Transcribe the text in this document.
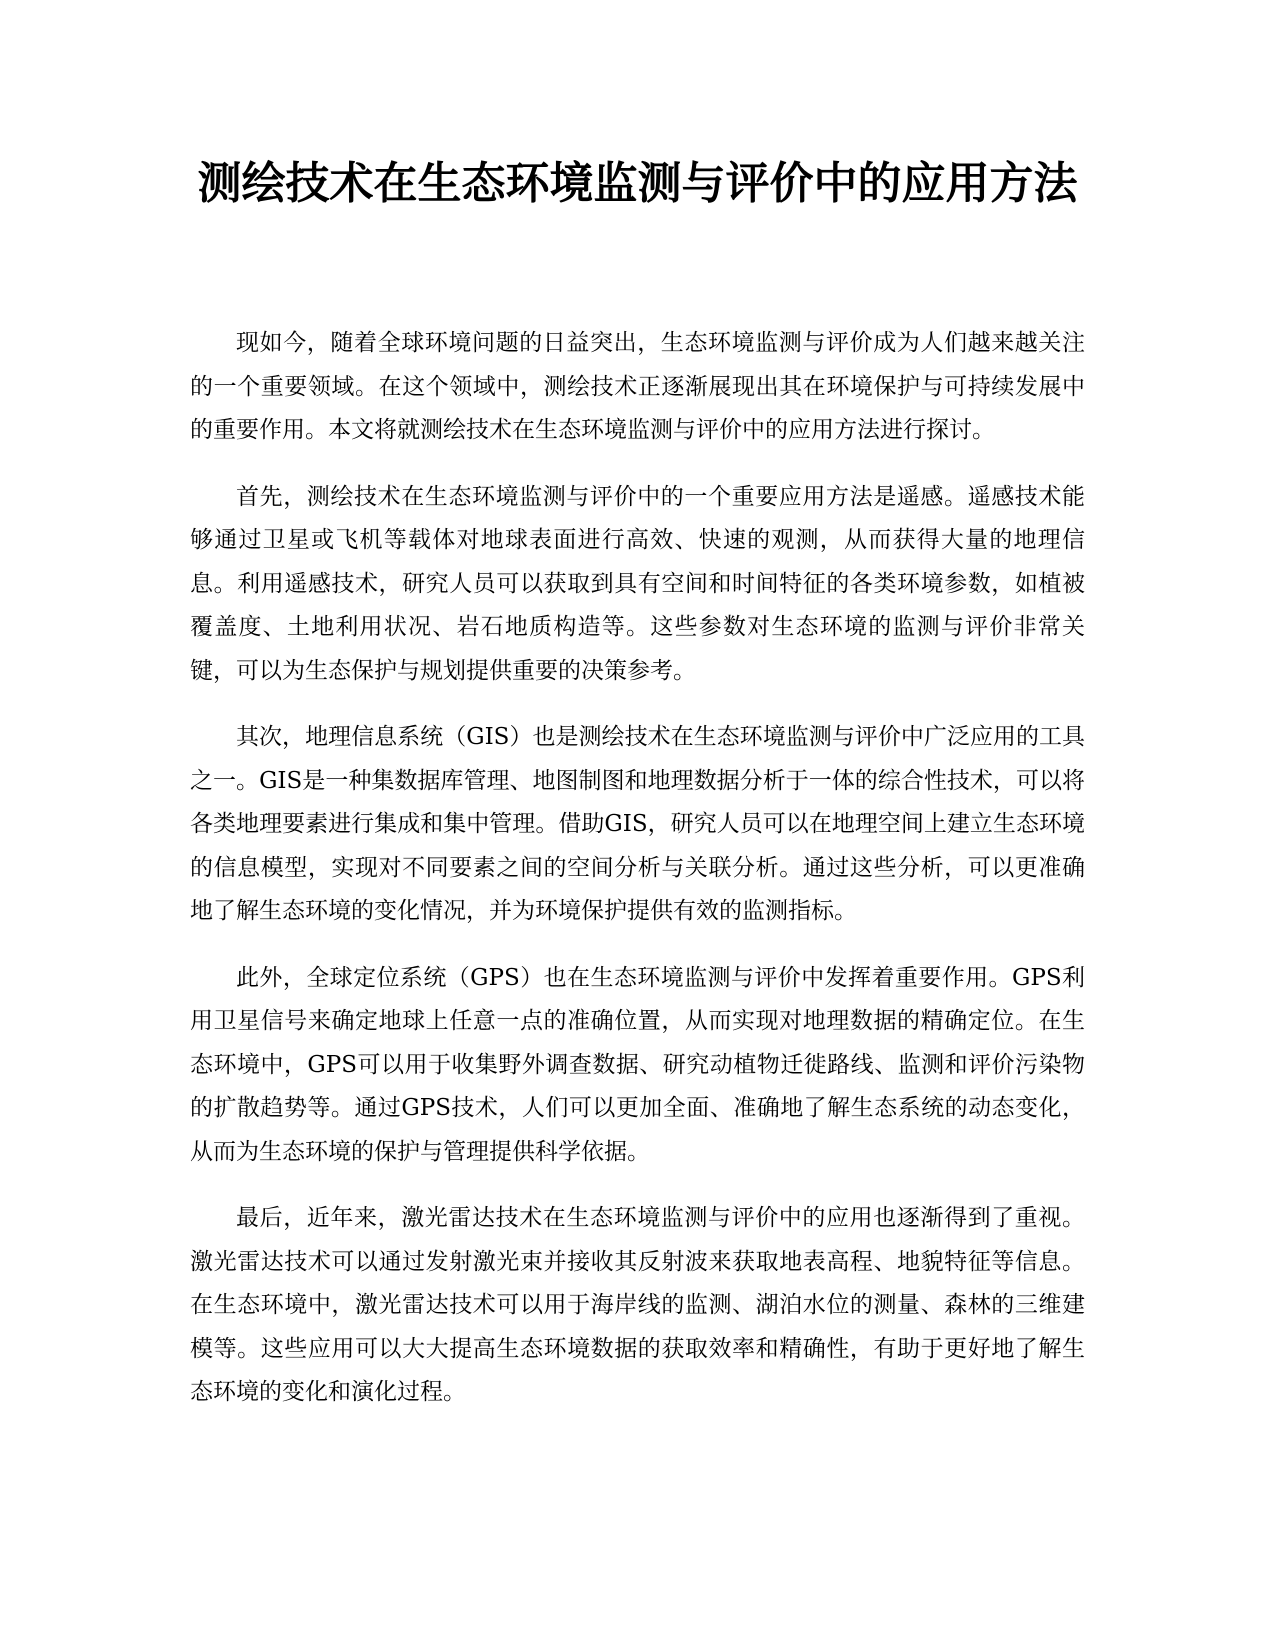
测绘技术在生态环境监测与评价中的应用方法

现如今，随着全球环境问题的日益突出，生态环境监测与评价成为人们越来越关注的一个重要领域。在这个领域中，测绘技术正逐渐展现出其在环境保护与可持续发展中的重要作用。本文将就测绘技术在生态环境监测与评价中的应用方法进行探讨。

首先，测绘技术在生态环境监测与评价中的一个重要应用方法是遥感。遥感技术能够通过卫星或飞机等载体对地球表面进行高效、快速的观测，从而获得大量的地理信息。利用遥感技术，研究人员可以获取到具有空间和时间特征的各类环境参数，如植被覆盖度、土地利用状况、岩石地质构造等。这些参数对生态环境的监测与评价非常关键，可以为生态保护与规划提供重要的决策参考。

其次，地理信息系统（GIS）也是测绘技术在生态环境监测与评价中广泛应用的工具之一。GIS是一种集数据库管理、地图制图和地理数据分析于一体的综合性技术，可以将各类地理要素进行集成和集中管理。借助GIS，研究人员可以在地理空间上建立生态环境的信息模型，实现对不同要素之间的空间分析与关联分析。通过这些分析，可以更准确地了解生态环境的变化情况，并为环境保护提供有效的监测指标。

此外，全球定位系统（GPS）也在生态环境监测与评价中发挥着重要作用。GPS利用卫星信号来确定地球上任意一点的准确位置，从而实现对地理数据的精确定位。在生态环境中，GPS可以用于收集野外调查数据、研究动植物迁徙路线、监测和评价污染物的扩散趋势等。通过GPS技术，人们可以更加全面、准确地了解生态系统的动态变化，从而为生态环境的保护与管理提供科学依据。

最后，近年来，激光雷达技术在生态环境监测与评价中的应用也逐渐得到了重视。激光雷达技术可以通过发射激光束并接收其反射波来获取地表高程、地貌特征等信息。在生态环境中，激光雷达技术可以用于海岸线的监测、湖泊水位的测量、森林的三维建模等。这些应用可以大大提高生态环境数据的获取效率和精确性，有助于更好地了解生态环境的变化和演化过程。
